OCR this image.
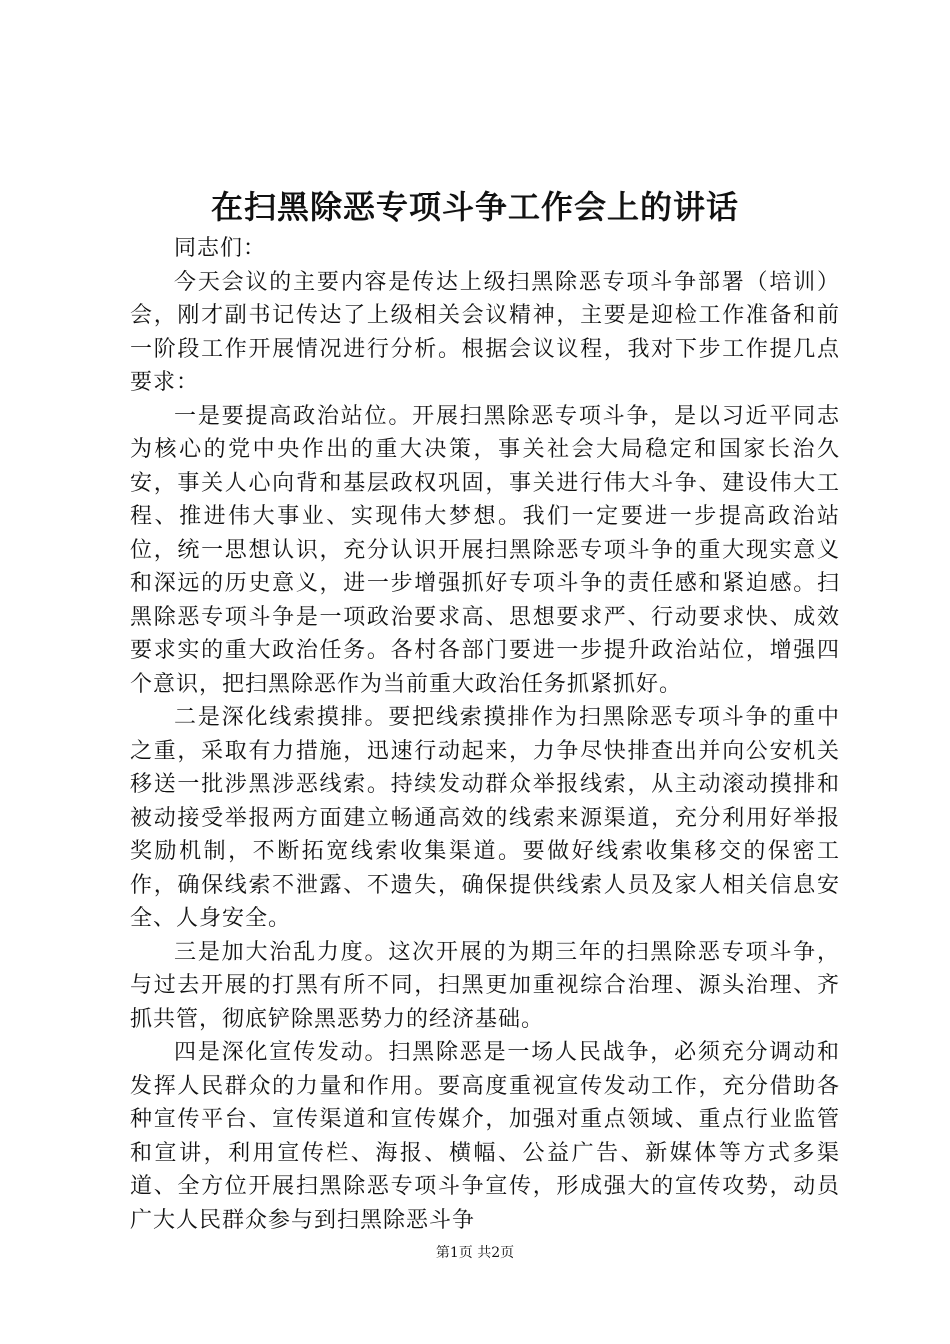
在扫黑除恶专项斗争工作会上的讲话

同志们：

今天会议的主要内容是传达上级扫黑除恶专项斗争部署（培训）会，刚才副书记传达了上级相关会议精神，主要是迎检工作准备和前一阶段工作开展情况进行分析。根据会议议程，我对下步工作提几点要求：

一是要提高政治站位。开展扫黑除恶专项斗争，是以习近平同志为核心的党中央作出的重大决策，事关社会大局稳定和国家长治久安，事关人心向背和基层政权巩固，事关进行伟大斗争、建设伟大工程、推进伟大事业、实现伟大梦想。我们一定要进一步提高政治站位，统一思想认识，充分认识开展扫黑除恶专项斗争的重大现实意义和深远的历史意义，进一步增强抓好专项斗争的责任感和紧迫感。扫黑除恶专项斗争是一项政治要求高、思想要求严、行动要求快、成效要求实的重大政治任务。各村各部门要进一步提升政治站位，增强四个意识，把扫黑除恶作为当前重大政治任务抓紧抓好。

二是深化线索摸排。要把线索摸排作为扫黑除恶专项斗争的重中之重，采取有力措施，迅速行动起来，力争尽快排查出并向公安机关移送一批涉黑涉恶线索。持续发动群众举报线索，从主动滚动摸排和被动接受举报两方面建立畅通高效的线索来源渠道，充分利用好举报奖励机制，不断拓宽线索收集渠道。要做好线索收集移交的保密工作，确保线索不泄露、不遗失，确保提供线索人员及家人相关信息安全、人身安全。

三是加大治乱力度。这次开展的为期三年的扫黑除恶专项斗争，与过去开展的打黑有所不同，扫黑更加重视综合治理、源头治理、齐抓共管，彻底铲除黑恶势力的经济基础。

四是深化宣传发动。扫黑除恶是一场人民战争，必须充分调动和发挥人民群众的力量和作用。要高度重视宣传发动工作，充分借助各种宣传平台、宣传渠道和宣传媒介，加强对重点领域、重点行业监管和宣讲，利用宣传栏、海报、横幅、公益广告、新媒体等方式多渠道、全方位开展扫黑除恶专项斗争宣传，形成强大的宣传攻势，动员广大人民群众参与到扫黑除恶斗争

第1页 共2页
